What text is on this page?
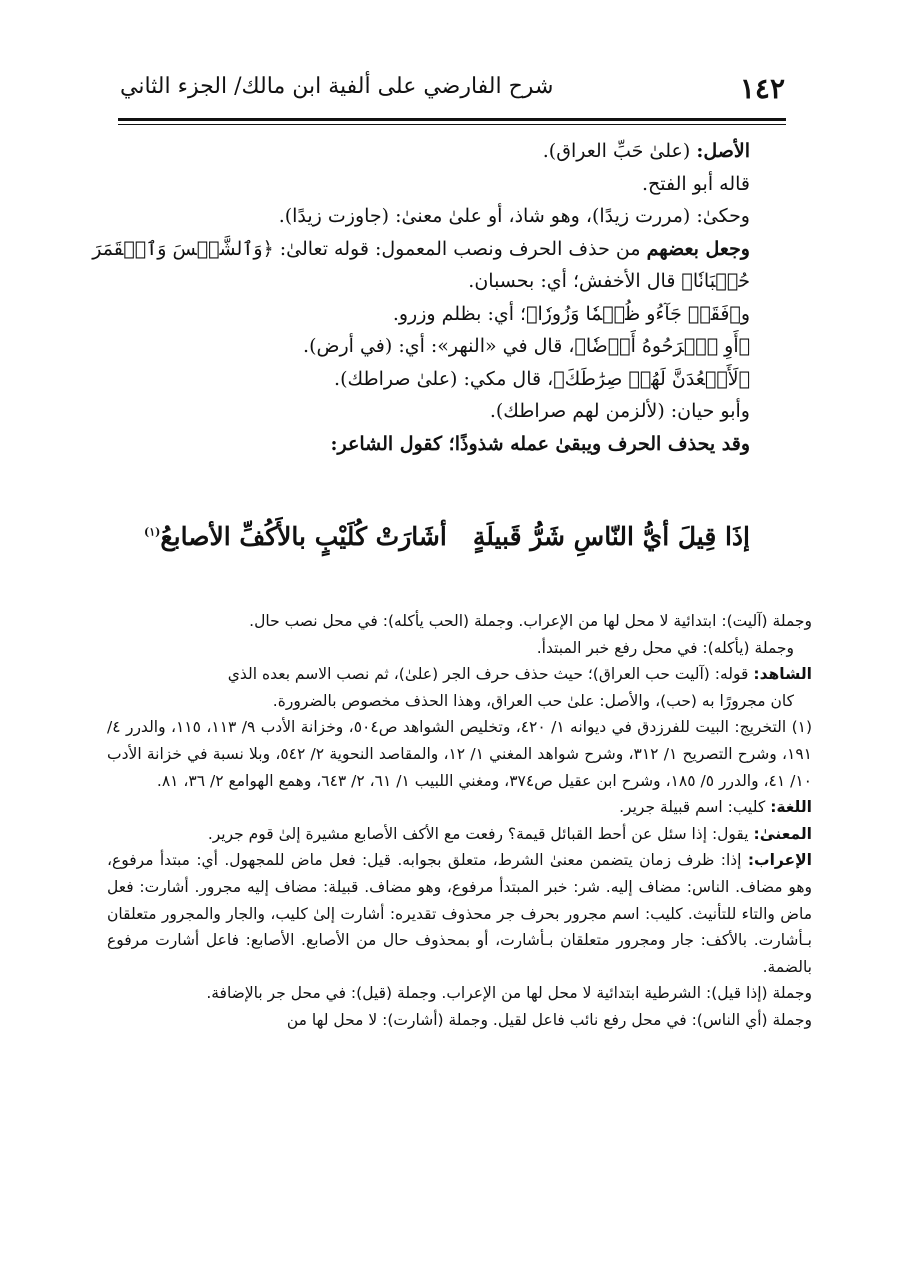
١٤٢
شرح الفارضي على ألفية ابن مالك/ الجزء الثاني

الأصل: (علىٰ حَبِّ العراق).

قاله أبو الفتح.

وحكىٰ: (مررت زيدًا)، وهو شاذ، أو علىٰ معنىٰ: (جاوزت زيدًا).

وجعل بعضهم من حذف الحرف ونصب المعمول: قوله تعالىٰ: ﴿وَٱلشَّمۡسَ وَٱلۡقَمَرَ

حُسۡبَانٗا﴾ قال الأخفش؛ أي: بحسبان.

و﴿فَقَدۡ جَآءُو ظُلۡمٗا وَزُورٗا﴾؛ أي: بظلم وزرو.

﴿أَوِ ٱطۡرَحُوهُ أَرۡضٗا﴾، قال في «النهر»: أي: (في أرض).

﴿لَأَقۡعُدَنَّ لَهُمۡ صِرَٰطَكَ﴾، قال مكي: (علىٰ صراطك).

وأبو حيان: (لألزمن لهم صراطك).

وقد يحذف الحرف ويبقىٰ عمله شذوذًا؛ كقول الشاعر:

إذَا قِيلَ أيُّ النّاسِ شَرُّ قَبيلَةٍأشَارَتْ كُلَيْبٍ بالأَكُفِّ الأصابعُ$^{(١)}$

وجملة (آليت): ابتدائية لا محل لها من الإعراب. وجملة (الحب يأكله): في محل نصب حال.

وجملة (يأكله): في محل رفع خبر المبتدأ.

الشاهد: قوله: (آليت حب العراق)؛ حيث حذف حرف الجر (علىٰ)، ثم نصب الاسم بعده الذي

كان مجرورًا به (حب)، والأصل: علىٰ حب العراق، وهذا الحذف مخصوص بالضرورة.

(١) التخريج: البيت للفرزدق في ديوانه ١/ ٤٢٠، وتخليص الشواهد ص٥٠٤، وخزانة الأدب ٩/ ١١٣، ١١٥، والدرر ٤/ ١٩١، وشرح التصريح ١/ ٣١٢، وشرح شواهد المغني ١/ ١٢، والمقاصد النحوية ٢/ ٥٤٢، وبلا نسبة في خزانة الأدب ١٠/ ٤١، والدرر ٥/ ١٨٥، وشرح ابن عقيل ص٣٧٤، ومغني اللبيب ١/ ٦١، ٢/ ٦٤٣، وهمع الهوامع ٢/ ٣٦، ٨١.

اللغة: كليب: اسم قبيلة جرير.

المعنىٰ: يقول: إذا سئل عن أحط القبائل قيمة؟ رفعت مع الأكف الأصابع مشيرة إلىٰ قوم جرير.

الإعراب: إذا: ظرف زمان يتضمن معنىٰ الشرط، متعلق بجوابه. قيل: فعل ماض للمجهول. أي: مبتدأ مرفوع، وهو مضاف. الناس: مضاف إليه. شر: خبر المبتدأ مرفوع، وهو مضاف. قبيلة: مضاف إليه مجرور. أشارت: فعل ماض والتاء للتأنيث. كليب: اسم مجرور بحرف جر محذوف تقديره: أشارت إلىٰ كليب، والجار والمجرور متعلقان بـأشارت. بالأكف: جار ومجرور متعلقان بـأشارت، أو بمحذوف حال من الأصابع. الأصابع: فاعل أشارت مرفوع بالضمة.

وجملة (إذا قيل): الشرطية ابتدائية لا محل لها من الإعراب. وجملة (قيل): في محل جر بالإضافة.

وجملة (أي الناس): في محل رفع نائب فاعل لقيل. وجملة (أشارت): لا محل لها من
